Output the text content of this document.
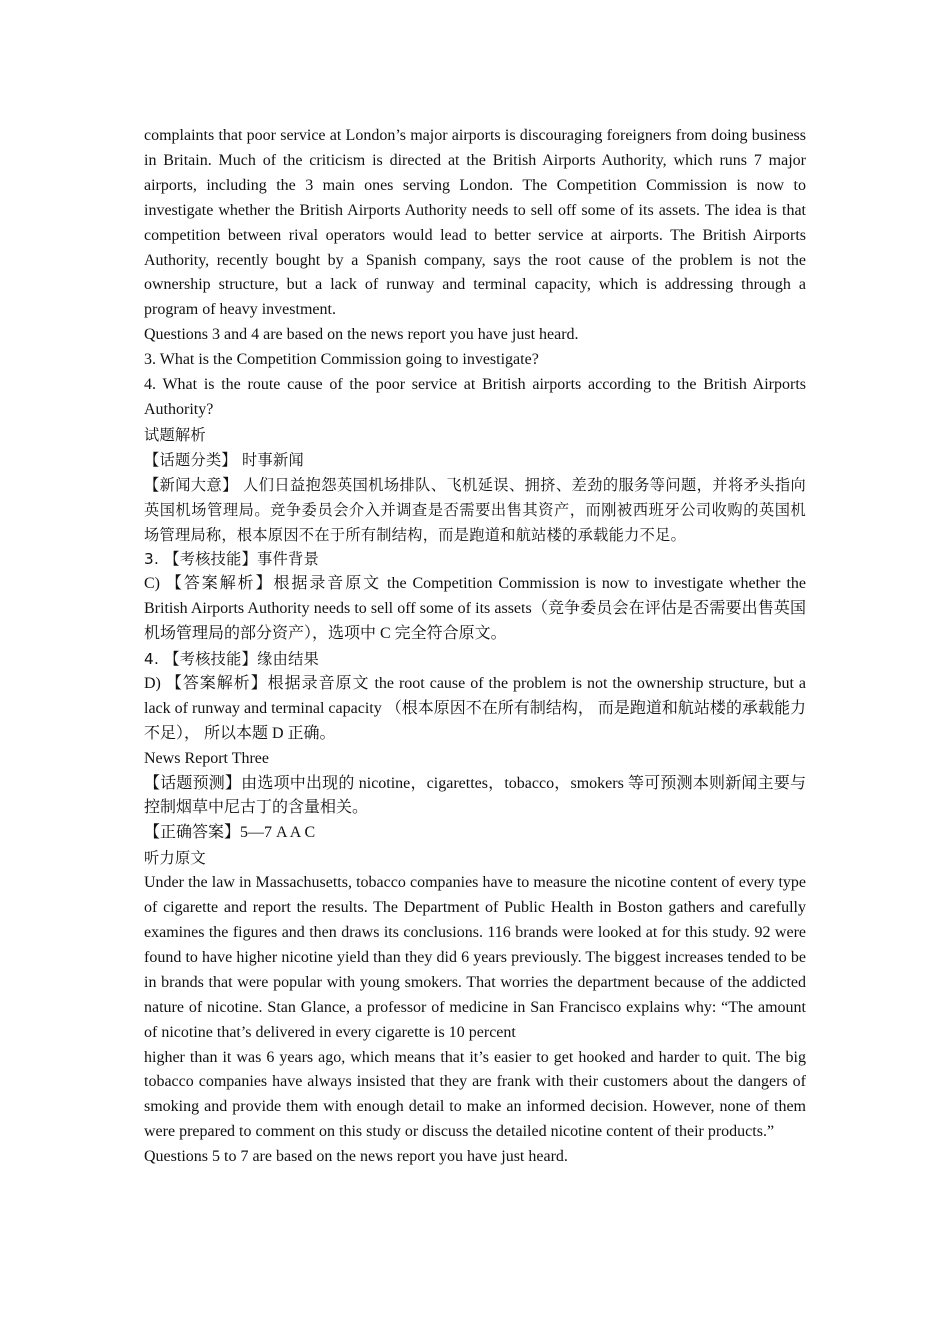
complaints that poor service at London’s major airports is discouraging foreigners from doing business in Britain. Much of the criticism is directed at the British Airports Authority, which runs 7 major airports, including the 3 main ones serving London. The Competition Commission is now to investigate whether the British Airports Authority needs to sell off some of its assets. The idea is that competition between rival operators would lead to better service at airports. The British Airports Authority, recently bought by a Spanish company, says the root cause of the problem is not the ownership structure, but a lack of runway and terminal capacity, which is addressing through a program of heavy investment.

Questions 3 and 4 are based on the news report you have just heard.

3. What is the Competition Commission going to investigate?

4. What is the route cause of the poor service at British airports according to the British Airports Authority?

试题解析

【话题分类】 时事新闻

【新闻大意】 人们日益抱怨英国机场排队、飞机延误、拥挤、差劲的服务等问题，并将矛头指向英国机场管理局。竞争委员会介入并调查是否需要出售其资产，而刚被西班牙公司收购的英国机场管理局称，根本原因不在于所有制结构，而是跑道和航站楼的承载能力不足。

3. 【考核技能】事件背景

C) 【答案解析】根据录音原文 the Competition Commission is now to investigate whether the British Airports Authority needs to sell off some of its assets（竞争委员会在评估是否需要出售英国机场管理局的部分资产），选项中 C 完全符合原文。

4. 【考核技能】缘由结果

D) 【答案解析】根据录音原文 the root cause of the problem is not the ownership structure, but a lack of runway and terminal capacity （根本原因不在所有制结构， 而是跑道和航站楼的承载能力不足）， 所以本题 D 正确。

News Report Three

【话题预测】由选项中出现的 nicotine，cigarettes，tobacco，smokers 等可预测本则新闻主要与控制烟草中尼古丁的含量相关。

【正确答案】5—7 A A C

听力原文

Under the law in Massachusetts, tobacco companies have to measure the nicotine content of every type of cigarette and report the results. The Department of Public Health in Boston gathers and carefully examines the figures and then draws its conclusions. 116 brands were looked at for this study. 92 were found to have higher nicotine yield than they did 6 years previously. The biggest increases tended to be in brands that were popular with young smokers. That worries the department because of the addicted nature of nicotine. Stan Glance, a professor of medicine in San Francisco explains why: “The amount of nicotine that’s delivered in every cigarette is 10 percent

higher than it was 6 years ago, which means that it’s easier to get hooked and harder to quit. The big tobacco companies have always insisted that they are frank with their customers about the dangers of smoking and provide them with enough detail to make an informed decision. However, none of them were prepared to comment on this study or discuss the detailed nicotine content of their products.”

Questions 5 to 7 are based on the news report you have just heard.
